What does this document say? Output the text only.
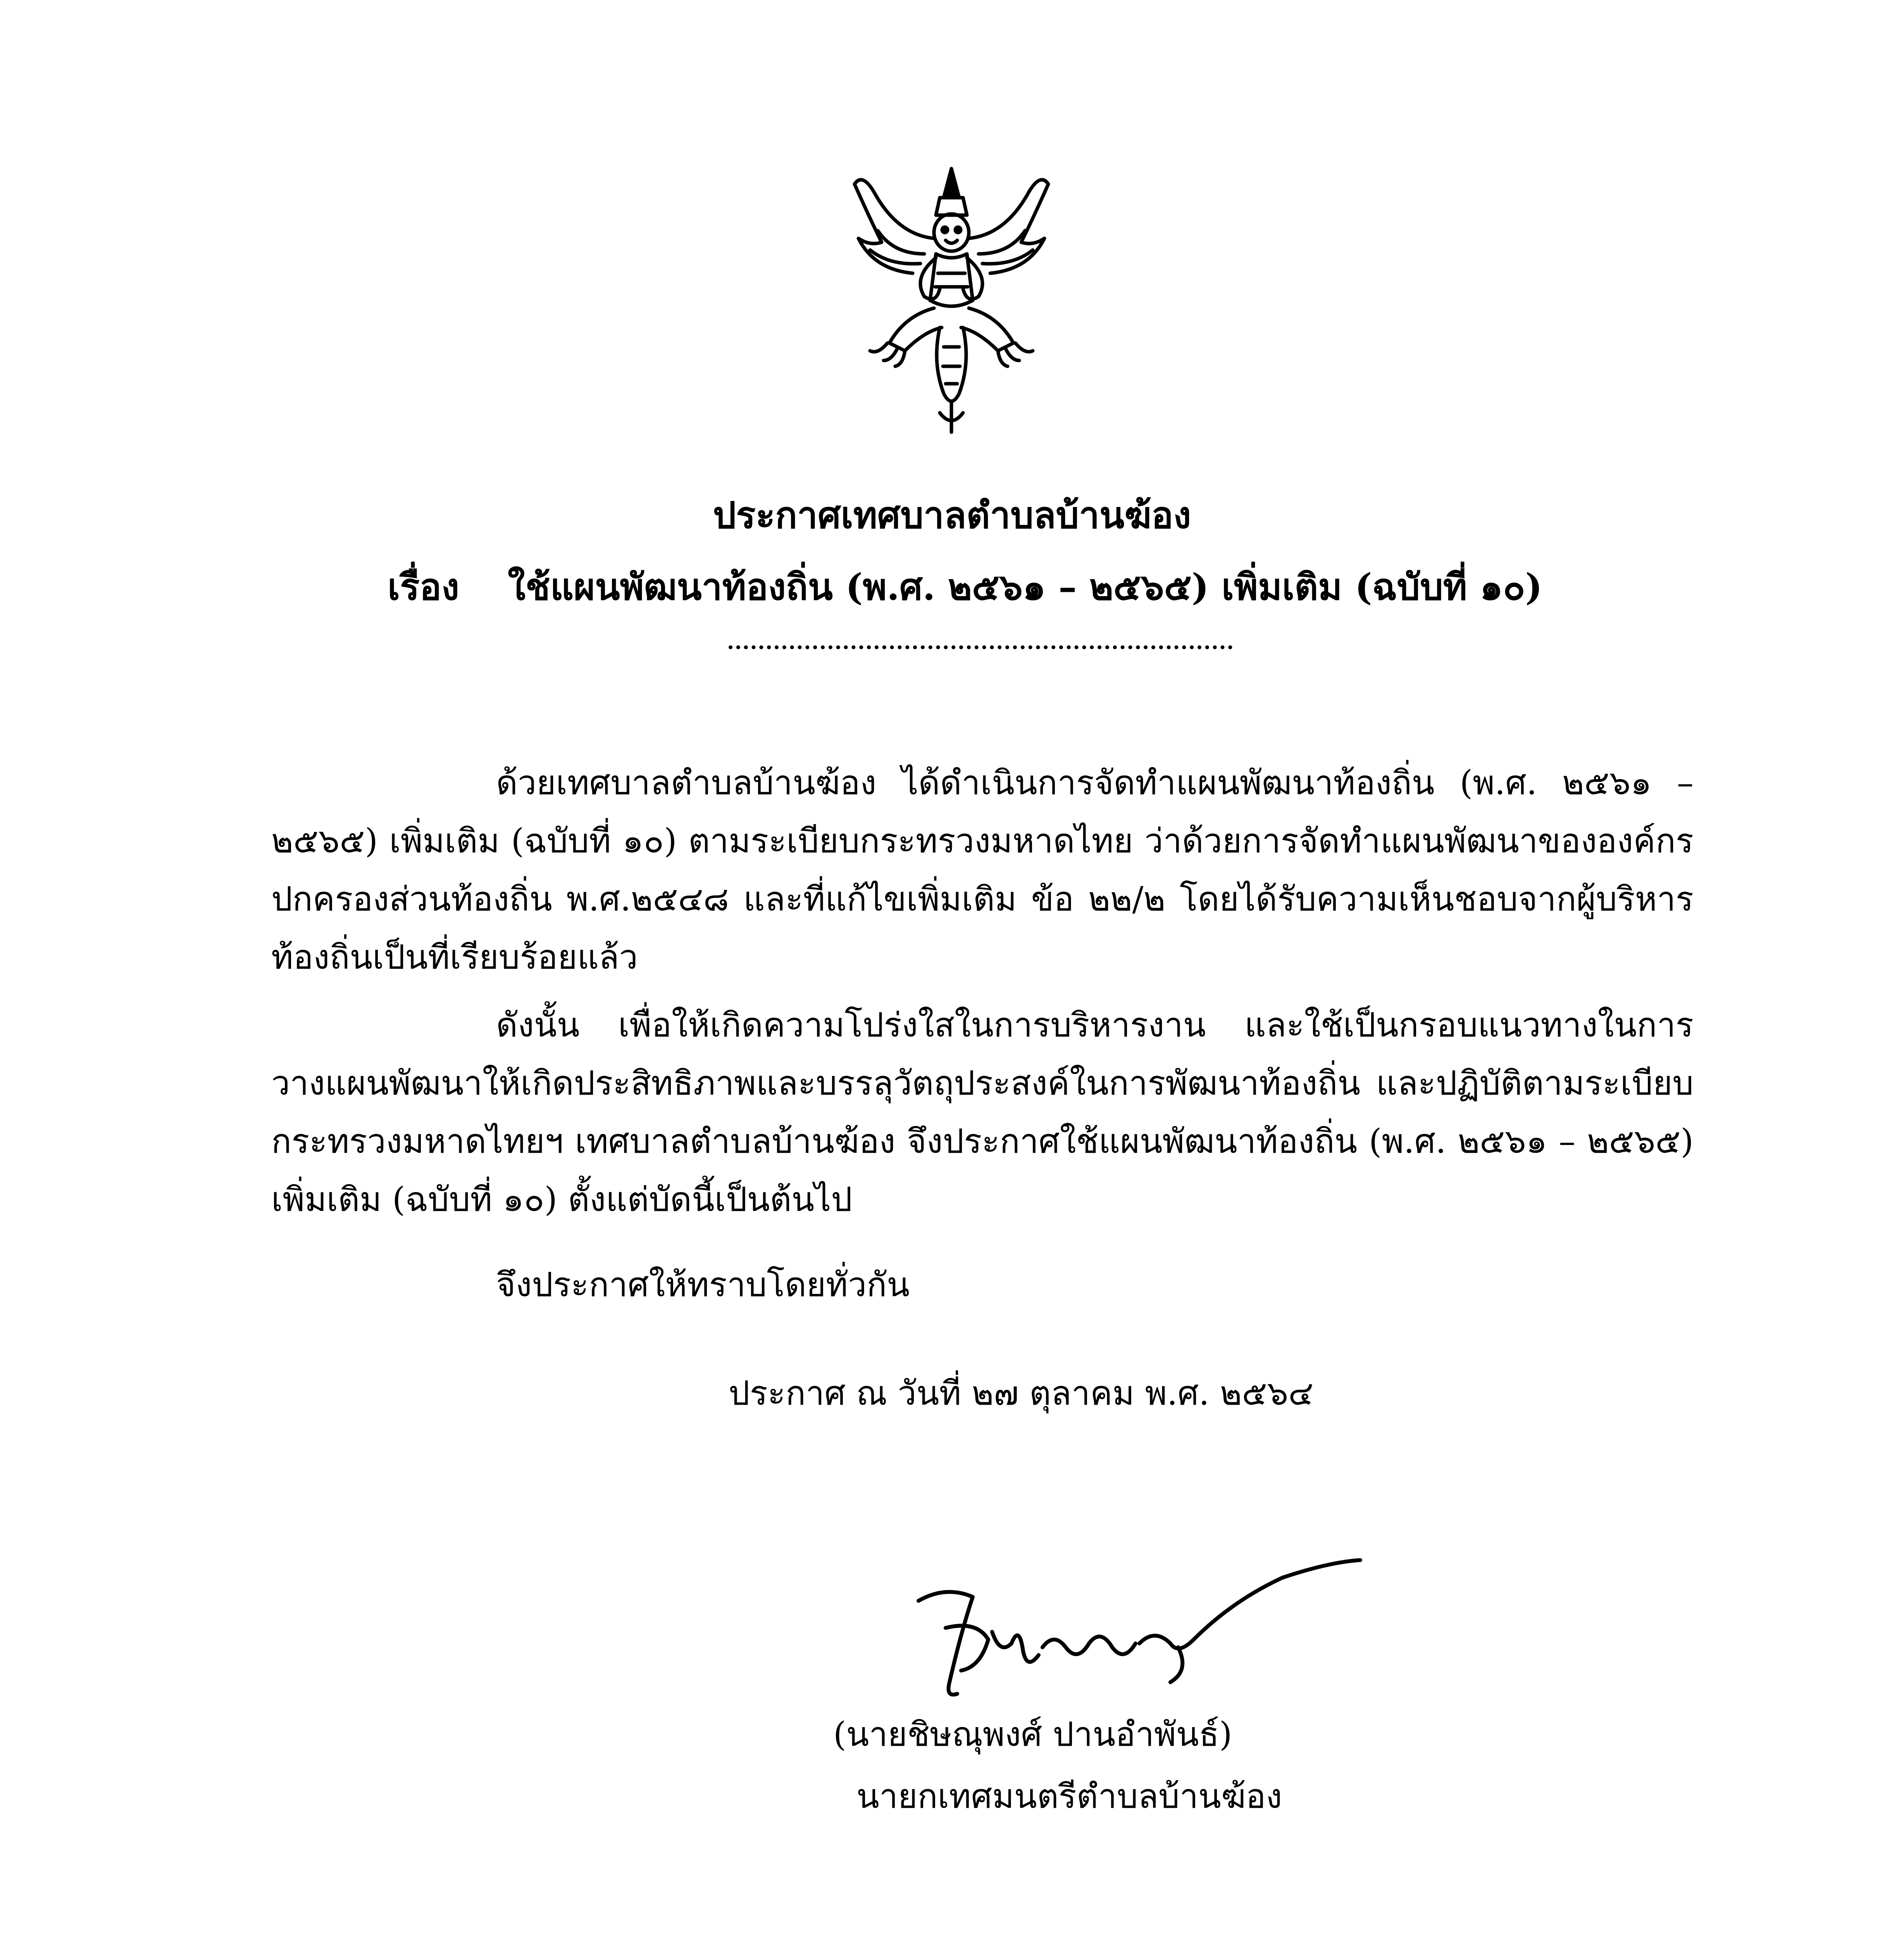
ประกาศเทศบาลตำบลบ้านฆ้อง
เรื่อง ใช้แผนพัฒนาท้องถิ่น (พ.ศ. ๒๕๖๑ – ๒๕๖๕) เพิ่มเติม (ฉบับที่ ๑๐)
ด้วยเทศบาลตำบลบ้านฆ้อง ได้ดำเนินการจัดทำแผนพัฒนาท้องถิ่น (พ.ศ. ๒๕๖๑ – ๒๕๖๕) เพิ่มเติม (ฉบับที่ ๑๐) ตามระเบียบกระทรวงมหาดไทย ว่าด้วยการจัดทำแผนพัฒนาขององค์กรปกครองส่วนท้องถิ่น พ.ศ.๒๕๔๘ และที่แก้ไขเพิ่มเติม ข้อ ๒๒/๒ โดยได้รับความเห็นชอบจากผู้บริหารท้องถิ่นเป็นที่เรียบร้อยแล้ว
ดังนั้น เพื่อให้เกิดความโปร่งใสในการบริหารงาน และใช้เป็นกรอบแนวทางในการวางแผนพัฒนาให้เกิดประสิทธิภาพและบรรลุวัตถุประสงค์ในการพัฒนาท้องถิ่น และปฏิบัติตามระเบียบกระทรวงมหาดไทยฯ เทศบาลตำบลบ้านฆ้อง จึงประกาศใช้แผนพัฒนาท้องถิ่น (พ.ศ. ๒๕๖๑ – ๒๕๖๕) เพิ่มเติม (ฉบับที่ ๑๐) ตั้งแต่บัดนี้เป็นต้นไป
จึงประกาศให้ทราบโดยทั่วกัน
ประกาศ ณ วันที่ ๒๗ ตุลาคม พ.ศ. ๒๕๖๔
(นายชิษณุพงศ์ ปานอำพันธ์)
นายกเทศมนตรีตำบลบ้านฆ้อง
